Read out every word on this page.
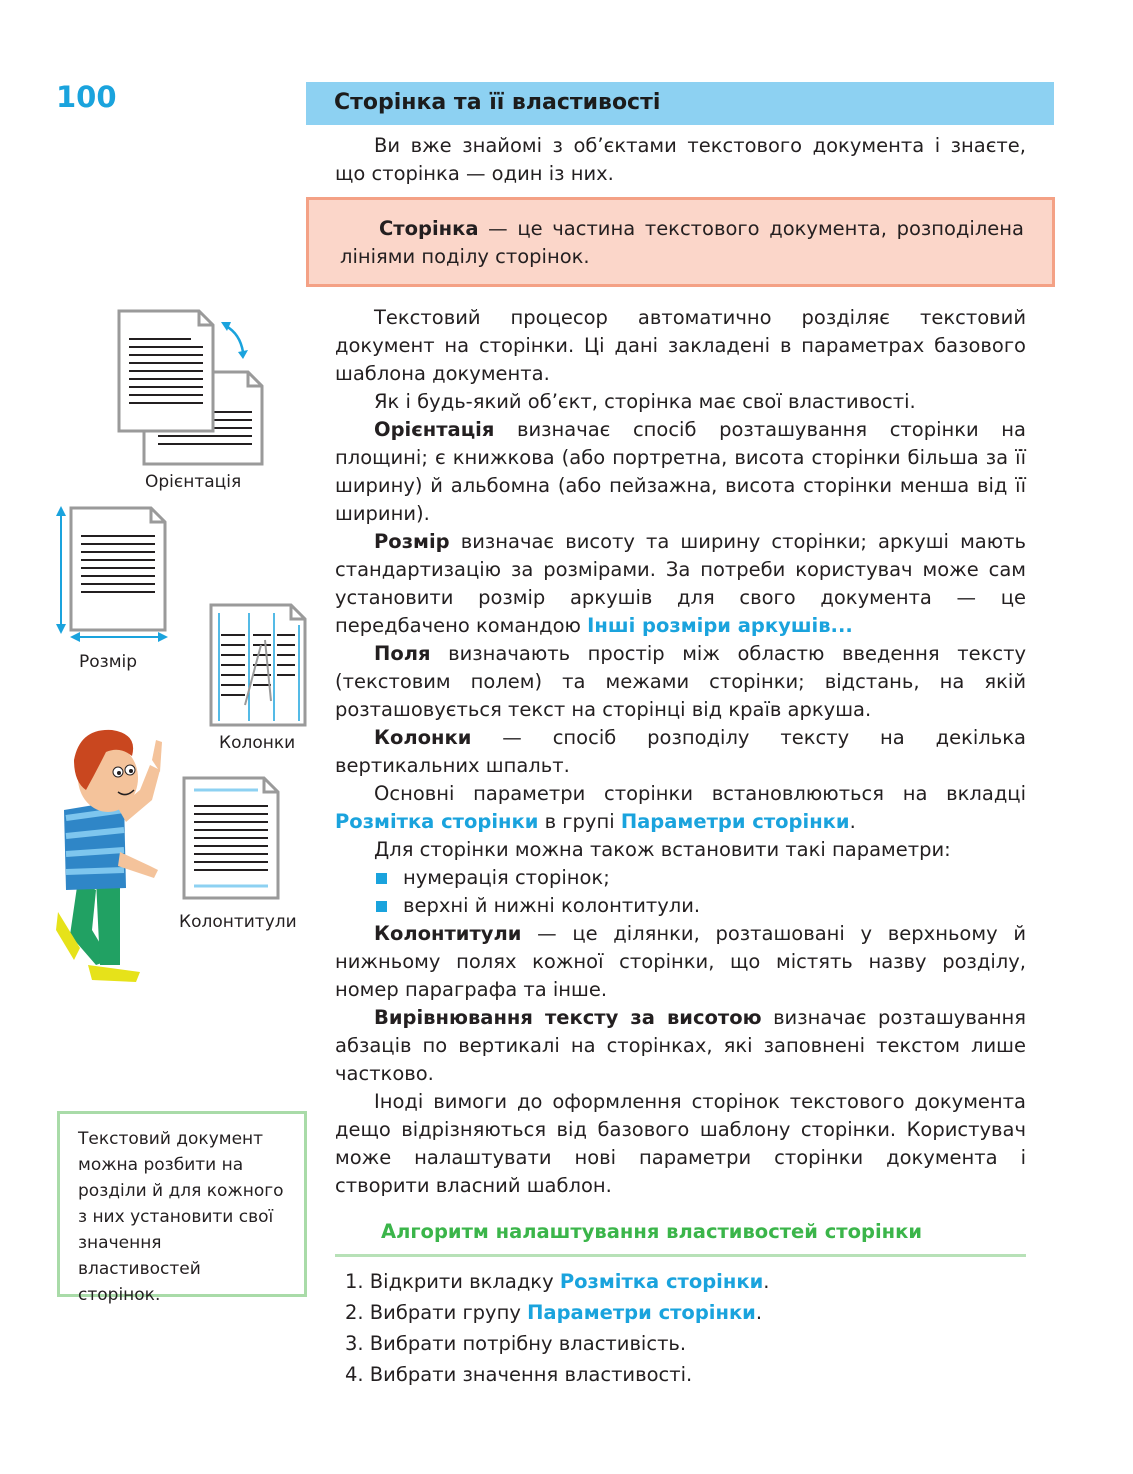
100	Сторінка та її властивості
Ви вже знайомі з об’єктами текстового документа і знаєте, що сторінка — один із них.
Сторінка — це частина текстового документа, розподілена лініями поділу сторінок.
Текстовий процесор автоматично розділяє текстовий документ на сторінки. Ці дані закладені в параметрах базового шаблона документа.
Як і будь-який об’єкт, сторінка має свої властивості.
Орієнтація визначає спосіб розташування сторінки на площині; є книжкова (або портретна, висота сторінки більша за її ширину) й альбомна (або пейзажна, висота сторінки менша від її ширини).
Розмір визначає висоту та ширину сторінки; аркуші мають стандартизацію за розмірами. За потреби користувач може сам установити розмір аркушів для свого документа — це передбачено командою Інші розміри аркушів...
Поля визначають простір між областю введення тексту (текстовим полем) та межами сторінки; відстань, на якій розташовується текст на сторінці від країв аркуша.
Колонки — спосіб розподілу тексту на декілька вертикальних шпальт.
Основні параметри сторінки встановлюються на вкладці Розмітка сторінки в групі Параметри сторінки.
Для сторінки можна також встановити такі параметри:
нумерація сторінок;
верхні й нижні колонтитули.
Колонтитули — це ділянки, розташовані у верхньому й нижньому полях кожної сторінки, що містять назву розділу, номер параграфа та інше.
Вирівнювання тексту за висотою визначає розташування абзаців по вертикалі на сторінках, які заповнені текстом лише частково.
Іноді вимоги до оформлення сторінок текстового документа дещо відрізняються від базового шаблону сторінки. Користувач може налаштувати нові параметри сторінки документа і створити власний шаблон.
Орієнтація
Розмір
Колонки
Колонтитули
Текстовий документ можна розбити на розділи й для кожного з них установити свої значення властивостей сторінок.
Алгоритм налаштування властивостей сторінки
1. Відкрити вкладку Розмітка сторінки.
2. Вибрати групу Параметри сторінки.
3. Вибрати потрібну властивість.
4. Вибрати значення властивості.
